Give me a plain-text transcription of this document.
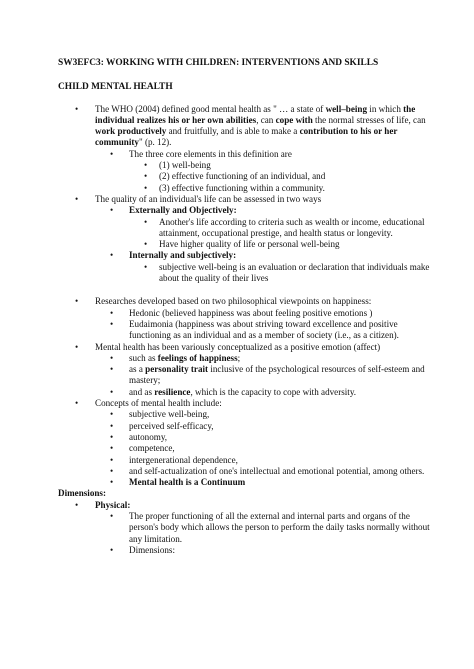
SW3EFC3: WORKING WITH CHILDREN: INTERVENTIONS AND SKILLS
CHILD MENTAL HEALTH
• The WHO (2004) defined good mental health as " … a state of well–being in which the individual realizes his or her own abilities, can cope with the normal stresses of life, can work productively and fruitfully, and is able to make a contribution to his or her community" (p. 12).
• The three core elements in this definition are
• (1) well-being
• (2) effective functioning of an individual, and
• (3) effective functioning within a community.
• The quality of an individual's life can be assessed in two ways
• Externally and Objectively:
• Another's life according to criteria such as wealth or income, educational attainment, occupational prestige, and health status or longevity.
• Have higher quality of life or personal well-being
• Internally and subjectively:
• subjective well-being is an evaluation or declaration that individuals make about the quality of their lives
• Researches developed based on two philosophical viewpoints on happiness:
• Hedonic (believed happiness was about feeling positive emotions )
• Eudaimonia (happiness was about striving toward excellence and positive functioning as an individual and as a member of society (i.e., as a citizen).
• Mental health has been variously conceptualized as a positive emotion (affect)
• such as feelings of happiness;
• as a personality trait inclusive of the psychological resources of self-esteem and mastery;
• and as resilience, which is the capacity to cope with adversity.
• Concepts of mental health include:
• subjective well-being,
• perceived self-efficacy,
• autonomy,
• competence,
• intergenerational dependence,
• and self-actualization of one's intellectual and emotional potential, among others.
• Mental health is a Continuum
Dimensions:
• Physical:
• The proper functioning of all the external and internal parts and organs of the person's body which allows the person to perform the daily tasks normally without any limitation.
• Dimensions:
